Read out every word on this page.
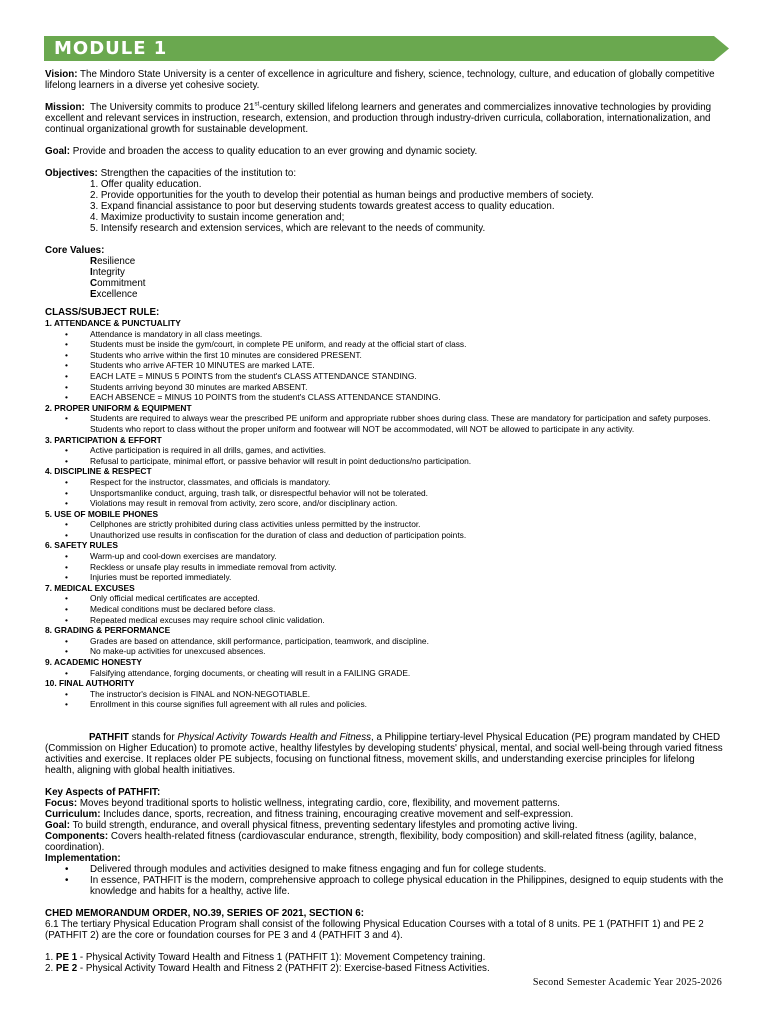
MODULE 1

Vision: The Mindoro State University is a center of excellence in agriculture and fishery, science, technology, culture, and education of globally competitive lifelong learners in a diverse yet cohesive society.

Mission: The University commits to produce 21st-century skilled lifelong learners and generates and commercializes innovative technologies by providing excellent and relevant services in instruction, research, extension, and production through industry-driven curricula, collaboration, internationalization, and continual organizational growth for sustainable development.

Goal: Provide and broaden the access to quality education to an ever growing and dynamic society.

Objectives: Strengthen the capacities of the institution to:

1. Offer quality education.
2. Provide opportunities for the youth to develop their potential as human beings and productive members of society.
3. Expand financial assistance to poor but deserving students towards greatest access to quality education.
4. Maximize productivity to sustain income generation and;
5. Intensify research and extension services, which are relevant to the needs of community.
Core Values:
Resilience
Integrity
Commitment
Excellence
CLASS/SUBJECT RULE:
1. ATTENDANCE & PUNCTUALITY
•	Attendance is mandatory in all class meetings.
•	Students must be inside the gym/court, in complete PE uniform, and ready at the official start of class.
•	Students who arrive within the first 10 minutes are considered PRESENT.
•	Students who arrive AFTER 10 MINUTES are marked LATE.
•	EACH LATE = MINUS 5 POINTS from the student's CLASS ATTENDANCE STANDING.
•	Students arriving beyond 30 minutes are marked ABSENT.
•	EACH ABSENCE = MINUS 10 POINTS from the student's CLASS ATTENDANCE STANDING.
2. PROPER UNIFORM & EQUIPMENT
•	Students are required to always wear the prescribed PE uniform and appropriate rubber shoes during class. These are mandatory for participation and safety purposes. Students who report to class without the proper uniform and footwear will NOT be accommodated, will NOT be allowed to participate in any activity.
3. PARTICIPATION & EFFORT
•	Active participation is required in all drills, games, and activities.
•	Refusal to participate, minimal effort, or passive behavior will result in point deductions/no participation.
4. DISCIPLINE & RESPECT
•	Respect for the instructor, classmates, and officials is mandatory.
•	Unsportsmanlike conduct, arguing, trash talk, or disrespectful behavior will not be tolerated.
•	Violations may result in removal from activity, zero score, and/or disciplinary action.
5. USE OF MOBILE PHONES
•	Cellphones are strictly prohibited during class activities unless permitted by the instructor.
•	Unauthorized use results in confiscation for the duration of class and deduction of participation points.
6. SAFETY RULES
•	Warm-up and cool-down exercises are mandatory.
•	Reckless or unsafe play results in immediate removal from activity.
•	Injuries must be reported immediately.
7. MEDICAL EXCUSES
•	Only official medical certificates are accepted.
•	Medical conditions must be declared before class.
•	Repeated medical excuses may require school clinic validation.
8. GRADING & PERFORMANCE
•	Grades are based on attendance, skill performance, participation, teamwork, and discipline.
•	No make-up activities for unexcused absences.
9. ACADEMIC HONESTY
•	Falsifying attendance, forging documents, or cheating will result in a FAILING GRADE.
10. FINAL AUTHORITY
•	The instructor's decision is FINAL and NON-NEGOTIABLE.
•	Enrollment in this course signifies full agreement with all rules and policies.

PATHFIT stands for Physical Activity Towards Health and Fitness, a Philippine tertiary-level Physical Education (PE) program mandated by CHED (Commission on Higher Education) to promote active, healthy lifestyles by developing students' physical, mental, and social well-being through varied fitness activities and exercise. It replaces older PE subjects, focusing on functional fitness, movement skills, and understanding exercise principles for lifelong health, aligning with global health initiatives.

Key Aspects of PATHFIT:
Focus: Moves beyond traditional sports to holistic wellness, integrating cardio, core, flexibility, and movement patterns.
Curriculum: Includes dance, sports, recreation, and fitness training, encouraging creative movement and self-expression.
Goal: To build strength, endurance, and overall physical fitness, preventing sedentary lifestyles and promoting active living.
Components: Covers health-related fitness (cardiovascular endurance, strength, flexibility, body composition) and skill-related fitness (agility, balance, coordination).
Implementation:
• Delivered through modules and activities designed to make fitness engaging and fun for college students.
• In essence, PATHFIT is the modern, comprehensive approach to college physical education in the Philippines, designed to equip students with the knowledge and habits for a healthy, active life.
CHED MEMORANDUM ORDER, NO.39, SERIES OF 2021, SECTION 6:

6.1 The tertiary Physical Education Program shall consist of the following Physical Education Courses with a total of 8 units. PE 1 (PATHFIT 1) and PE 2 (PATHFIT 2) are the core or foundation courses for PE 3 and 4 (PATHFIT 3 and 4).

1. PE 1 - Physical Activity Toward Health and Fitness 1 (PATHFIT 1): Movement Competency training.
2. PE 2 - Physical Activity Toward Health and Fitness 2 (PATHFIT 2): Exercise-based Fitness Activities.
Second Semester Academic Year 2025-2026
